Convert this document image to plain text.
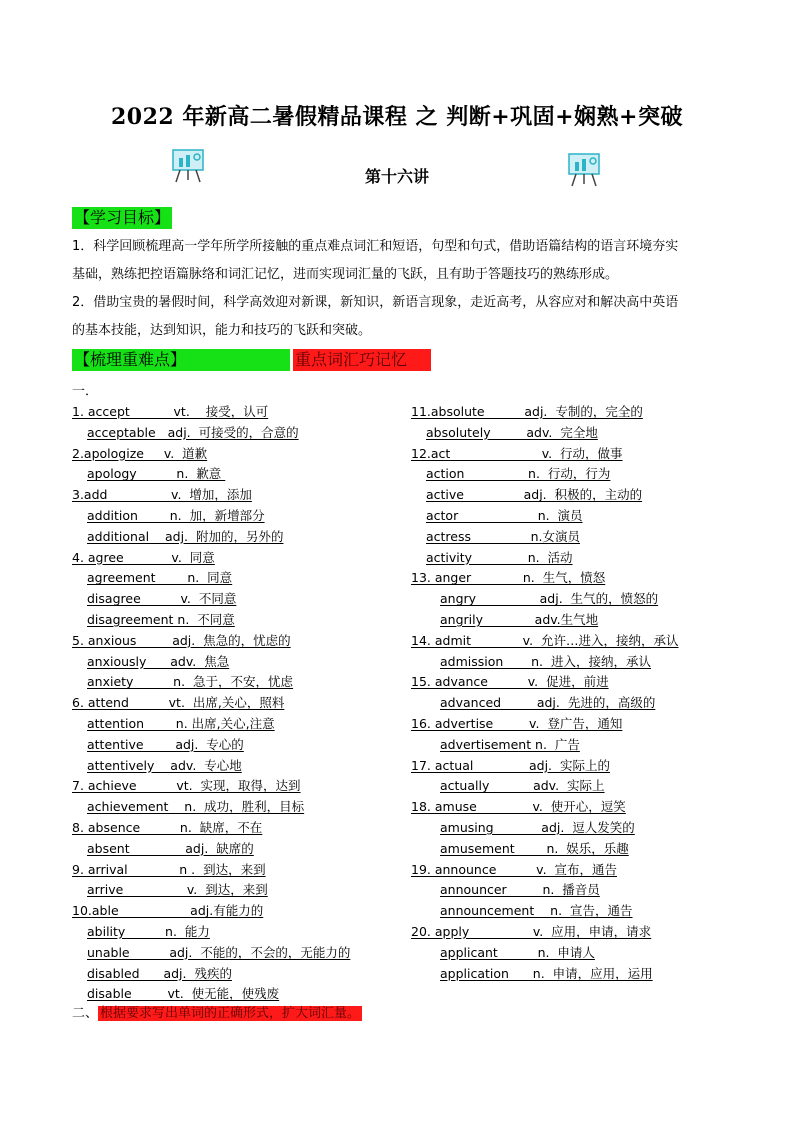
2022 年新高二暑假精品课程 之 判断+巩固+娴熟+突破
第十六讲
【学习目标】
1．科学回顾梳理高一学年所学所接触的重点难点词汇和短语，句型和句式，借助语篇结构的语言环境夯实
基础，熟练把控语篇脉络和词汇记忆，进而实现词汇量的飞跃，且有助于答题技巧的熟练形成。
2．借助宝贵的暑假时间，科学高效迎对新课，新知识，新语言现象，走近高考，从容应对和解决高中英语
的基本技能，达到知识，能力和技巧的飞跃和突破。
【梳理重难点】	重点词汇巧记忆
一．
1. accept           vt.    接受，认可
acceptable   adj.  可接受的，合意的
2.apologize     v.  道歉
apology          n.  歉意
3.add                v.  增加，添加
addition        n.  加，新增部分
additional    adj.  附加的，另外的
4. agree            v.  同意
agreement        n.  同意
disagree          v.  不同意
disagreement n.  不同意
5. anxious         adj.  焦急的，忧虑的
anxiously      adv.  焦急
anxiety          n.  急于，不安，忧虑
6. attend          vt.  出席,关心，照料
attention        n. 出席,关心,注意
attentive        adj.  专心的
attentively    adv.  专心地
7. achieve          vt.  实现，取得，达到
achievement    n.  成功，胜利，目标
8. absence          n.  缺席，不在
absent              adj.  缺席的
9. arrival             n .  到达，来到
arrive                v.  到达，来到
10.able                  adj.有能力的
ability          n.  能力
unable          adj.  不能的，不会的，无能力的
disabled      adj.  残疾的
disable         vt.  使无能，使残废
11.absolute          adj.  专制的，完全的
absolutely         adv.  完全地
12.act                       v.  行动，做事
action                n.  行动，行为
active               adj.  积极的，主动的
actor                    n.  演员
actress               n.女演员
activity              n.  活动
13. anger             n.  生气，愤怒
angry                adj.  生气的，愤怒的
angrily             adv.生气地
14. admit             v.  允许…进入，接纳，承认
admission       n.  进入，接纳，承认
15. advance          v.  促进，前进
advanced         adj.  先进的，高级的
16. advertise         v.  登广告，通知
advertisement n.  广告
17. actual              adj.  实际上的
actually           adv.  实际上
18. amuse              v.  使开心，逗笑
amusing            adj.  逗人发笑的
amusement        n.  娱乐，乐趣
19. announce          v.  宣布，通告
announcer         n.  播音员
announcement    n.  宣告，通告
20. apply                v.  应用，申请，请求
applicant          n.  申请人
application      n.  申请，应用，运用
二、 根据要求写出单词的正确形式，扩大词汇量。
